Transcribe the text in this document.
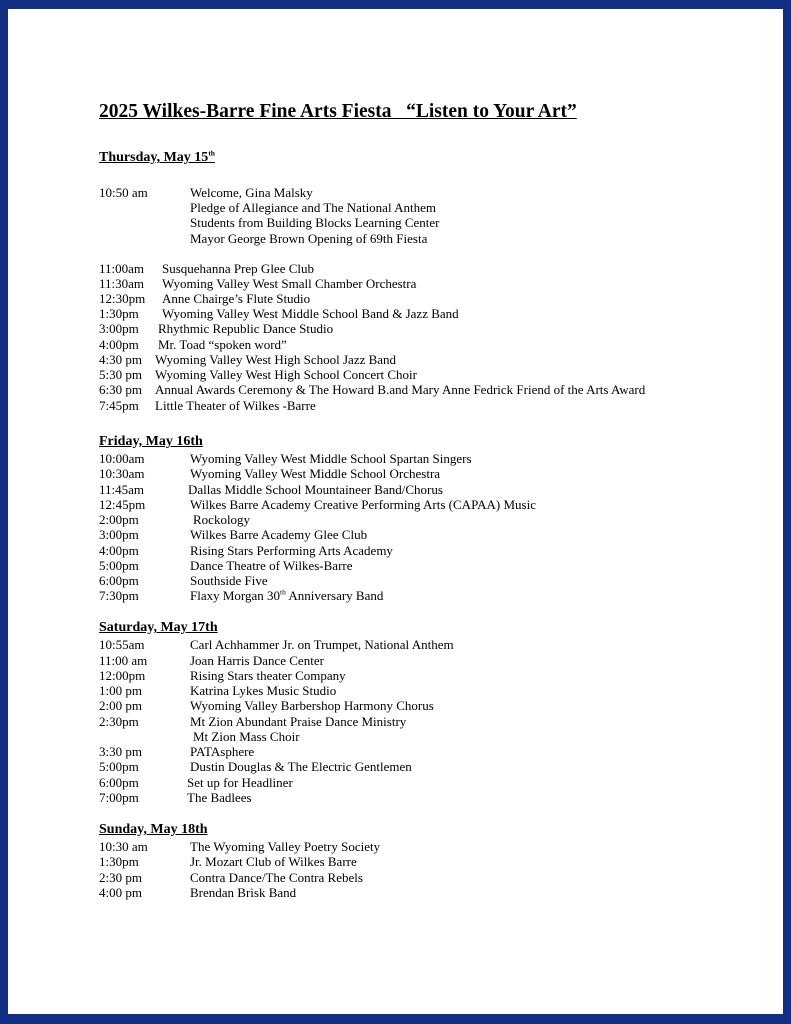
2025 Wilkes-Barre Fine Arts Fiesta   “Listen to Your Art”
Thursday, May 15th
10:50 am	Welcome, Gina Malsky
Pledge of Allegiance and The National Anthem
Students from Building Blocks Learning Center
Mayor George Brown Opening of 69th Fiesta
11:00am Susquehanna Prep Glee Club
11:30am Wyoming Valley West Small Chamber Orchestra
12:30pm Anne Chairge’s Flute Studio
1:30pm Wyoming Valley West Middle School Band & Jazz Band
3:00pm Rhythmic Republic Dance Studio
4:00pm Mr. Toad “spoken word”
4:30 pm Wyoming Valley West High School Jazz Band
5:30 pm Wyoming Valley West High School Concert Choir
6:30 pm Annual Awards Ceremony & The Howard B.and Mary Anne Fedrick Friend of the Arts Award
7:45pm Little Theater of Wilkes -Barre
Friday, May 16th
10:00am	Wyoming Valley West Middle School Spartan Singers
10:30am	Wyoming Valley West Middle School Orchestra
11:45am	Dallas Middle School Mountaineer Band/Chorus
12:45pm	Wilkes Barre Academy Creative Performing Arts (CAPAA) Music
2:00pm	Rockology
3:00pm	Wilkes Barre Academy Glee Club
4:00pm	Rising Stars Performing Arts Academy
5:00pm	Dance Theatre of Wilkes-Barre
6:00pm	Southside Five
7:30pm	Flaxy Morgan 30th Anniversary Band
Saturday, May 17th
10:55am	Carl Achhammer Jr. on Trumpet, National Anthem
11:00 am	Joan Harris Dance Center
12:00pm	Rising Stars theater Company
1:00 pm	Katrina Lykes Music Studio
2:00 pm	Wyoming Valley Barbershop Harmony Chorus
2:30pm	Mt Zion Abundant Praise Dance Ministry
Mt Zion Mass Choir
3:30 pm	PATAsphere
5:00pm	Dustin Douglas & The Electric Gentlemen
6:00pm	Set up for Headliner
7:00pm	The Badlees
Sunday, May 18th
10:30 am	The Wyoming Valley Poetry Society
1:30pm	Jr. Mozart Club of Wilkes Barre
2:30 pm	Contra Dance/The Contra Rebels
4:00 pm	Brendan Brisk Band
